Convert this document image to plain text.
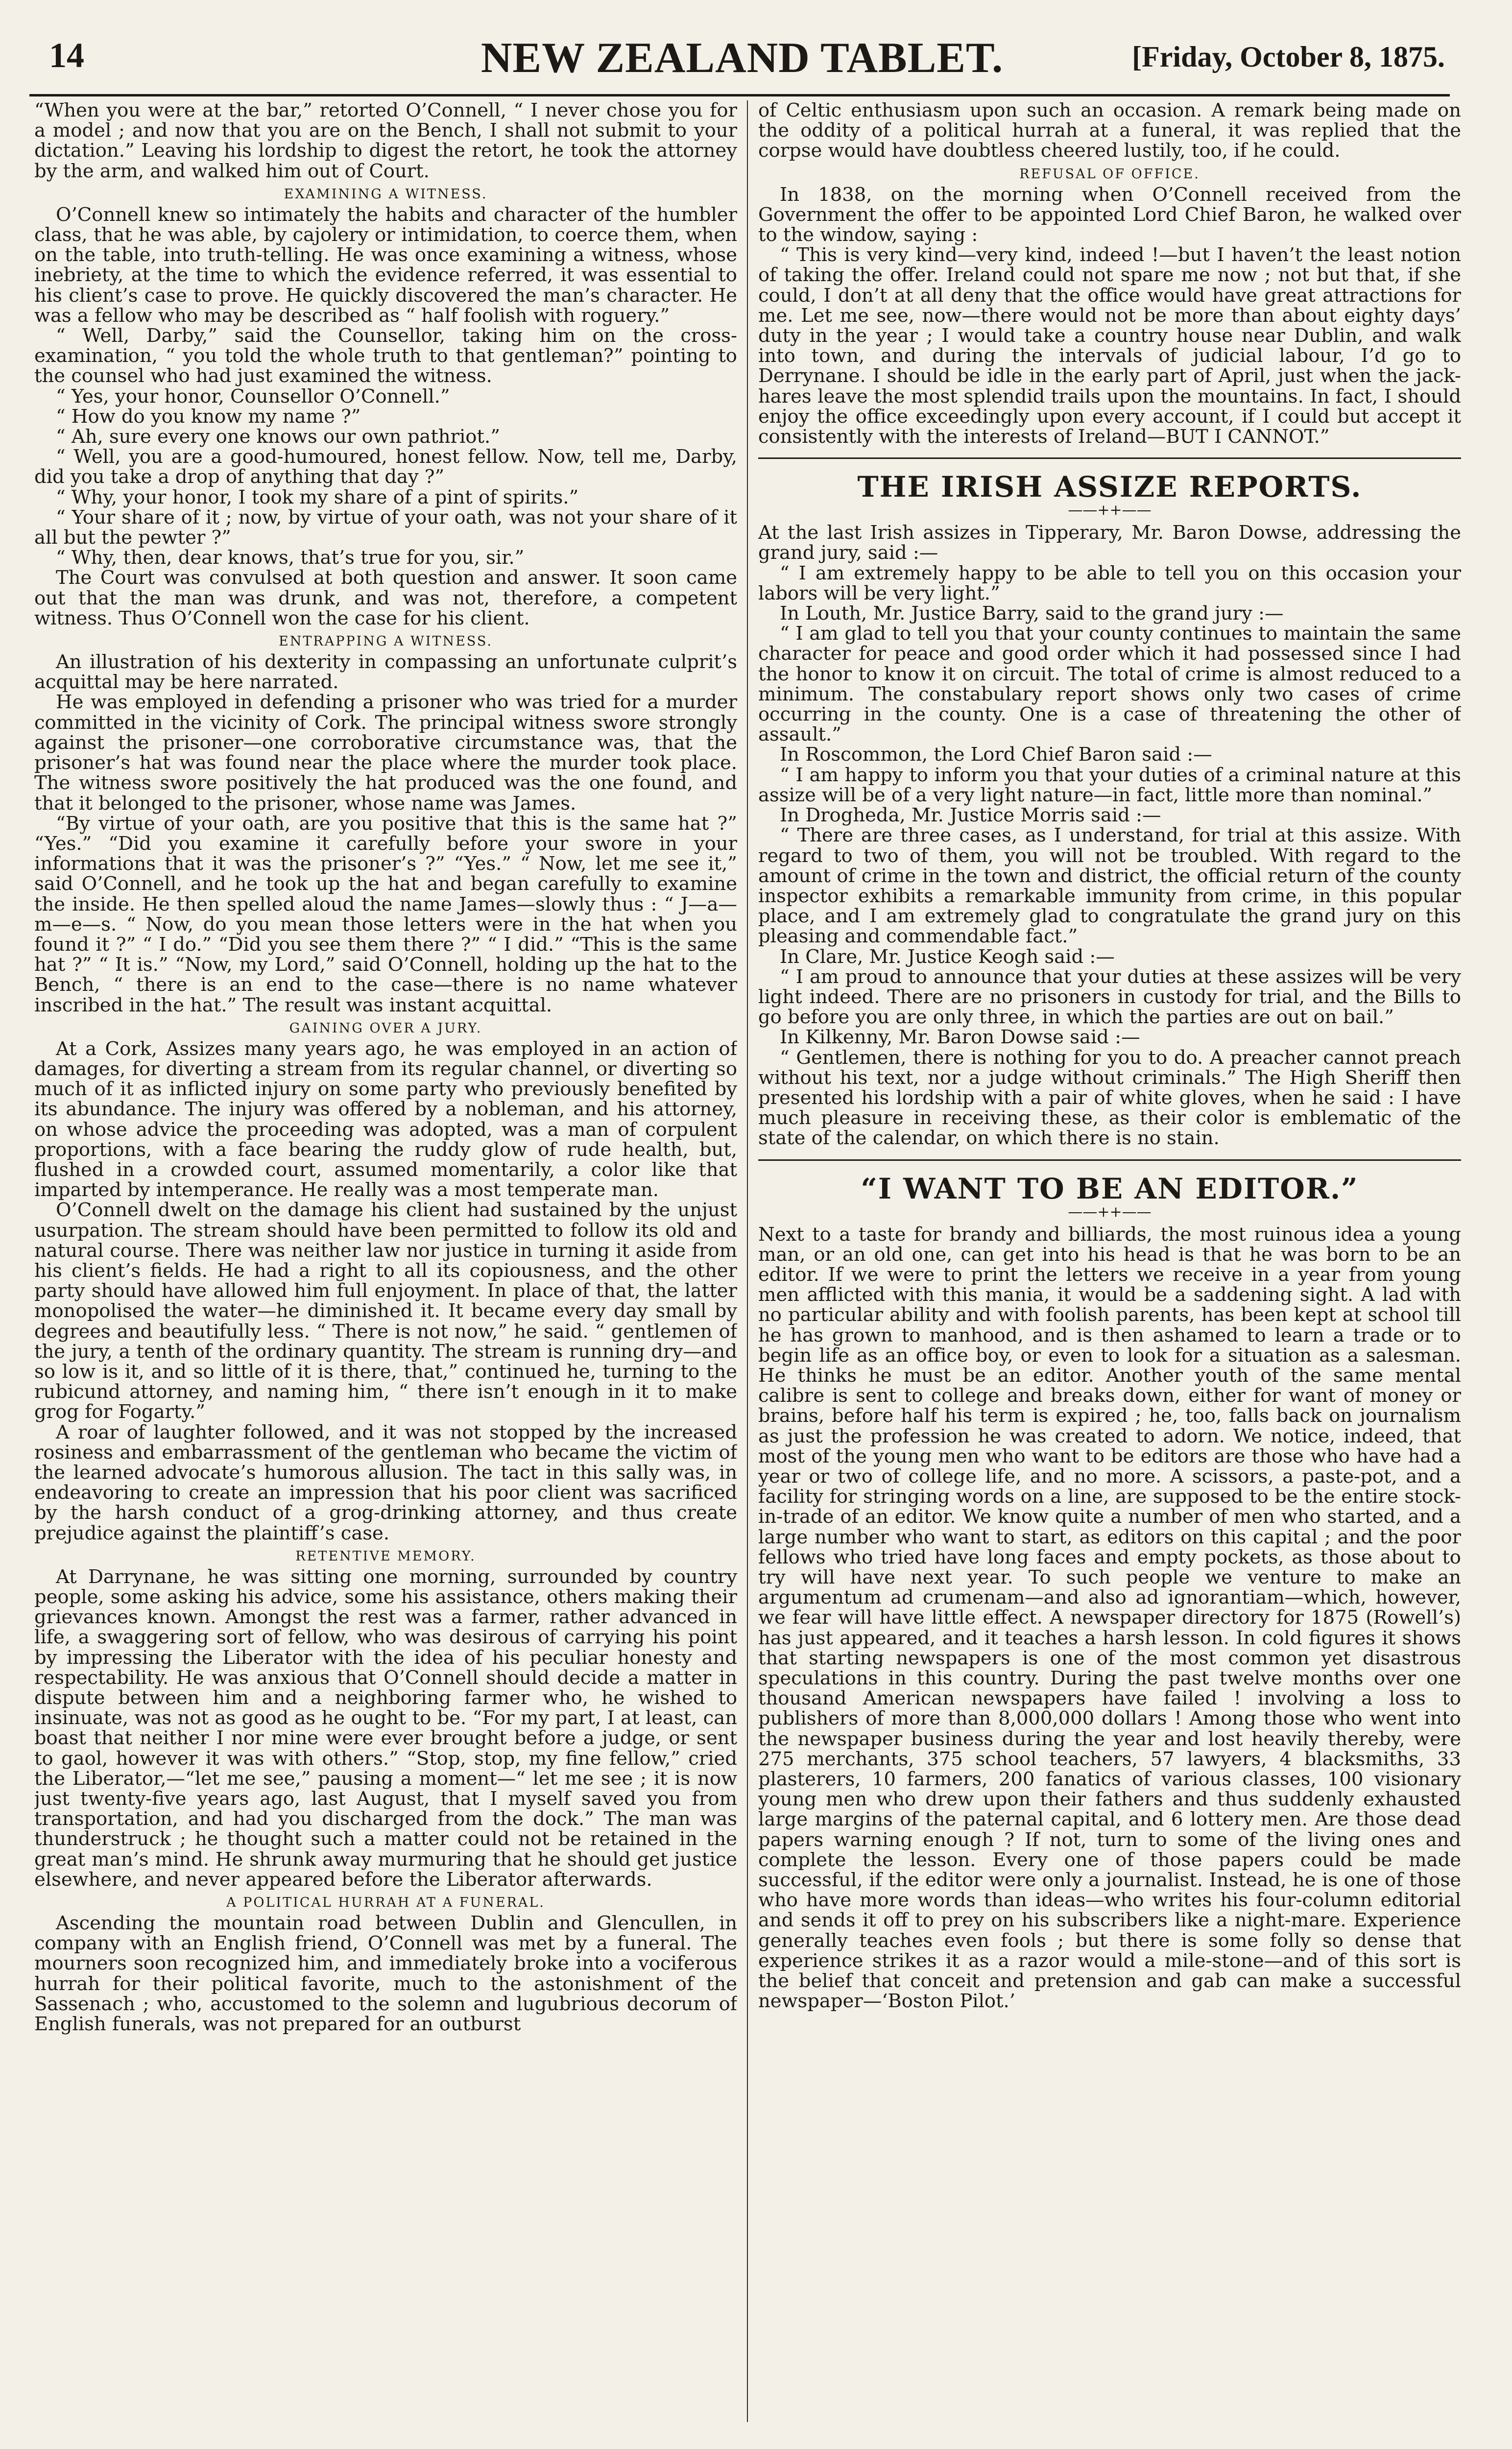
14	NEW ZEALAND TABLET.	[Friday, October 8, 1875.

“When you were at the bar,” retorted O’Connell, “ I never chose you for a model ; and now that you are on the Bench, I shall not submit to your dictation.” Leaving his lordship to digest the retort, he took the attorney by the arm, and walked him out of Court.

EXAMINING A WITNESS.

O’Connell knew so intimately the habits and character of the humbler class, that he was able, by cajolery or intimidation, to coerce them, when on the table, into truth-telling. He was once examining a witness, whose inebriety, at the time to which the evidence referred, it was essential to his client’s case to prove. He quickly discovered the man’s character. He was a fellow who may be described as “ half foolish with roguery.”

“ Well, Darby,” said the Counsellor, taking him on the cross-examination, “ you told the whole truth to that gentleman?” pointing to the counsel who had just examined the witness.

“ Yes, your honor, Counsellor O’Connell.”

“ How do you know my name ?”

“ Ah, sure every one knows our own pathriot.”

“ Well, you are a good-humoured, honest fellow. Now, tell me, Darby, did you take a drop of anything that day ?”

“ Why, your honor, I took my share of a pint of spirits.”

“ Your share of it ; now, by virtue of your oath, was not your share of it all but the pewter ?”

“ Why, then, dear knows, that’s true for you, sir.”

The Court was convulsed at both question and answer. It soon came out that the man was drunk, and was not, therefore, a competent witness. Thus O’Connell won the case for his client.

ENTRAPPING A WITNESS.

An illustration of his dexterity in compassing an unfortunate culprit’s acquittal may be here narrated.

He was employed in defending a prisoner who was tried for a murder committed in the vicinity of Cork. The principal witness swore strongly against the prisoner—one corroborative circumstance was, that the prisoner’s hat was found near the place where the murder took place. The witness swore positively the hat produced was the one found, and that it belonged to the prisoner, whose name was James.

“By virtue of your oath, are you positive that this is the same hat ?” “Yes.” “Did you examine it carefully before your swore in your informations that it was the prisoner’s ?” “Yes.” “ Now, let me see it,” said O’Connell, and he took up the hat and began carefully to examine the inside. He then spelled aloud the name James—slowly thus : “ J—a—m—e—s. “ Now, do you mean those letters were in the hat when you found it ?” “ I do.” “Did you see them there ?” “ I did.” “This is the same hat ?” “ It is.” “Now, my Lord,” said O’Connell, holding up the hat to the Bench, “ there is an end to the case—there is no name whatever inscribed in the hat.” The result was instant acquittal.

GAINING OVER A JURY.

At a Cork, Assizes many years ago, he was employed in an action of damages, for diverting a stream from its regular channel, or diverting so much of it as inflicted injury on some party who previously benefited by its abundance. The injury was offered by a nobleman, and his attorney, on whose advice the proceeding was adopted, was a man of corpulent proportions, with a face bearing the ruddy glow of rude health, but, flushed in a crowded court, assumed momentarily, a color like that imparted by intemperance. He really was a most temperate man.

O’Connell dwelt on the damage his client had sustained by the unjust usurpation. The stream should have been permitted to follow its old and natural course. There was neither law nor justice in turning it aside from his client’s fields. He had a right to all its copiousness, and the other party should have allowed him full enjoyment. In place of that, the latter monopolised the water—he diminished it. It became every day small by degrees and beautifully less. “ There is not now,” he said. “ gentlemen of the jury, a tenth of the ordinary quantity. The stream is running dry—and so low is it, and so little of it is there, that,” continued he, turning to the rubicund attorney, and naming him, “ there isn’t enough in it to make grog for Fogarty.”

A roar of laughter followed, and it was not stopped by the increased rosiness and embarrassment of the gentleman who became the victim of the learned advocate’s humorous allusion. The tact in this sally was, in endeavoring to create an impression that his poor client was sacrificed by the harsh conduct of a grog-drinking attorney, and thus create prejudice against the plaintiff’s case.

RETENTIVE MEMORY.

At Darrynane, he was sitting one morning, surrounded by country people, some asking his advice, some his assistance, others making their grievances known. Amongst the rest was a farmer, rather advanced in life, a swaggering sort of fellow, who was desirous of carrying his point by impressing the Liberator with the idea of his peculiar honesty and respectability. He was anxious that O’Connell should decide a matter in dispute between him and a neighboring farmer who, he wished to insinuate, was not as good as he ought to be. “For my part, I at least, can boast that neither I nor mine were ever brought before a judge, or sent to gaol, however it was with others.” “Stop, stop, my fine fellow,” cried the Liberator,—“let me see,” pausing a moment—“ let me see ; it is now just twenty-five years ago, last August, that I myself saved you from transportation, and had you discharged from the dock.” The man was thunderstruck ; he thought such a matter could not be retained in the great man’s mind. He shrunk away murmuring that he should get justice elsewhere, and never appeared before the Liberator afterwards.

A POLITICAL HURRAH AT A FUNERAL.

Ascending the mountain road between Dublin and Glencullen, in company with an English friend, O’Connell was met by a funeral. The mourners soon recognized him, and immediately broke into a vociferous hurrah for their political favorite, much to the astonishment of the Sassenach ; who, accustomed to the solemn and lugubrious decorum of English funerals, was not prepared for an outburst

of Celtic enthusiasm upon such an occasion. A remark being made on the oddity of a political hurrah at a funeral, it was replied that the corpse would have doubtless cheered lustily, too, if he could.

REFUSAL OF OFFICE.

In 1838, on the morning when O’Connell received from the Government the offer to be appointed Lord Chief Baron, he walked over to the window, saying :

“ This is very kind—very kind, indeed !—but I haven’t the least notion of taking the offer. Ireland could not spare me now ; not but that, if she could, I don’t at all deny that the office would have great attractions for me. Let me see, now—there would not be more than about eighty days’ duty in the year ; I would take a country house near Dublin, and walk into town, and during the intervals of judicial labour, I’d go to Derrynane. I should be idle in the early part of April, just when the jack-hares leave the most splendid trails upon the mountains. In fact, I should enjoy the office exceedingly upon every account, if I could but accept it consistently with the interests of Ireland—BUT I CANNOT.”

THE IRISH ASSIZE REPORTS.
——++——

At the last Irish assizes in Tipperary, Mr. Baron Dowse, addressing the grand jury, said :—

“ I am extremely happy to be able to tell you on this occasion your labors will be very light.”

In Louth, Mr. Justice Barry, said to the grand jury :—

“ I am glad to tell you that your county continues to maintain the same character for peace and good order which it had possessed since I had the honor to know it on circuit. The total of crime is almost reduced to a minimum. The constabulary report shows only two cases of crime occurring in the county. One is a case of threatening the other of assault.”

In Roscommon, the Lord Chief Baron said :—

“ I am happy to inform you that your duties of a criminal nature at this assize will be of a very light nature—in fact, little more than nominal.”

In Drogheda, Mr. Justice Morris said :—

“ There are three cases, as I understand, for trial at this assize. With regard to two of them, you will not be troubled. With regard to the amount of crime in the town and district, the official return of the county inspector exhibits a remarkable immunity from crime, in this popular place, and I am extremely glad to congratulate the grand jury on this pleasing and commendable fact.”

In Clare, Mr. Justice Keogh said :—

“ I am proud to announce that your duties at these assizes will be very light indeed. There are no prisoners in custody for trial, and the Bills to go before you are only three, in which the parties are out on bail.”

In Kilkenny, Mr. Baron Dowse said :—

“ Gentlemen, there is nothing for you to do. A preacher cannot preach without his text, nor a judge without criminals.” The High Sheriff then presented his lordship with a pair of white gloves, when he said : I have much pleasure in receiving these, as their color is emblematic of the state of the calendar, on which there is no stain.

“I WANT TO BE AN EDITOR.”
——++——

Next to a taste for brandy and billiards, the most ruinous idea a young man, or an old one, can get into his head is that he was born to be an editor. If we were to print the letters we receive in a year from young men afflicted with this mania, it would be a saddening sight. A lad with no particular ability and with foolish parents, has been kept at school till he has grown to manhood, and is then ashamed to learn a trade or to begin life as an office boy, or even to look for a situation as a salesman. He thinks he must be an editor. Another youth of the same mental calibre is sent to college and breaks down, either for want of money or brains, before half his term is expired ; he, too, falls back on journalism as just the profession he was created to adorn. We notice, indeed, that most of the young men who want to be editors are those who have had a year or two of college life, and no more. A scissors, a paste-pot, and a facility for stringing words on a line, are supposed to be the entire stock-in-trade of an editor. We know quite a number of men who started, and a large number who want to start, as editors on this capital ; and the poor fellows who tried have long faces and empty pockets, as those about to try will have next year. To such people we venture to make an argumentum ad crumenam—and also ad ignorantiam—which, however, we fear will have little effect. A newspaper directory for 1875 (Rowell’s) has just appeared, and it teaches a harsh lesson. In cold figures it shows that starting newspapers is one of the most common yet disastrous speculations in this country. During the past twelve months over one thousand American newspapers have failed ! involving a loss to publishers of more than 8,000,000 dollars ! Among those who went into the newspaper business during the year and lost heavily thereby, were 275 merchants, 375 school teachers, 57 lawyers, 4 blacksmiths, 33 plasterers, 10 farmers, 200 fanatics of various classes, 100 visionary young men who drew upon their fathers and thus suddenly exhausted large margins of the paternal capital, and 6 lottery men. Are those dead papers warning enough ? If not, turn to some of the living ones and complete the lesson. Every one of those papers could be made successful, if the editor were only a journalist. Instead, he is one of those who have more words than ideas—who writes his four-column editorial and sends it off to prey on his subscribers like a night-mare. Experience generally teaches even fools ; but there is some folly so dense that experience strikes it as a razor would a mile-stone—and of this sort is the belief that conceit and pretension and gab can make a successful newspaper—‘Boston Pilot.’
